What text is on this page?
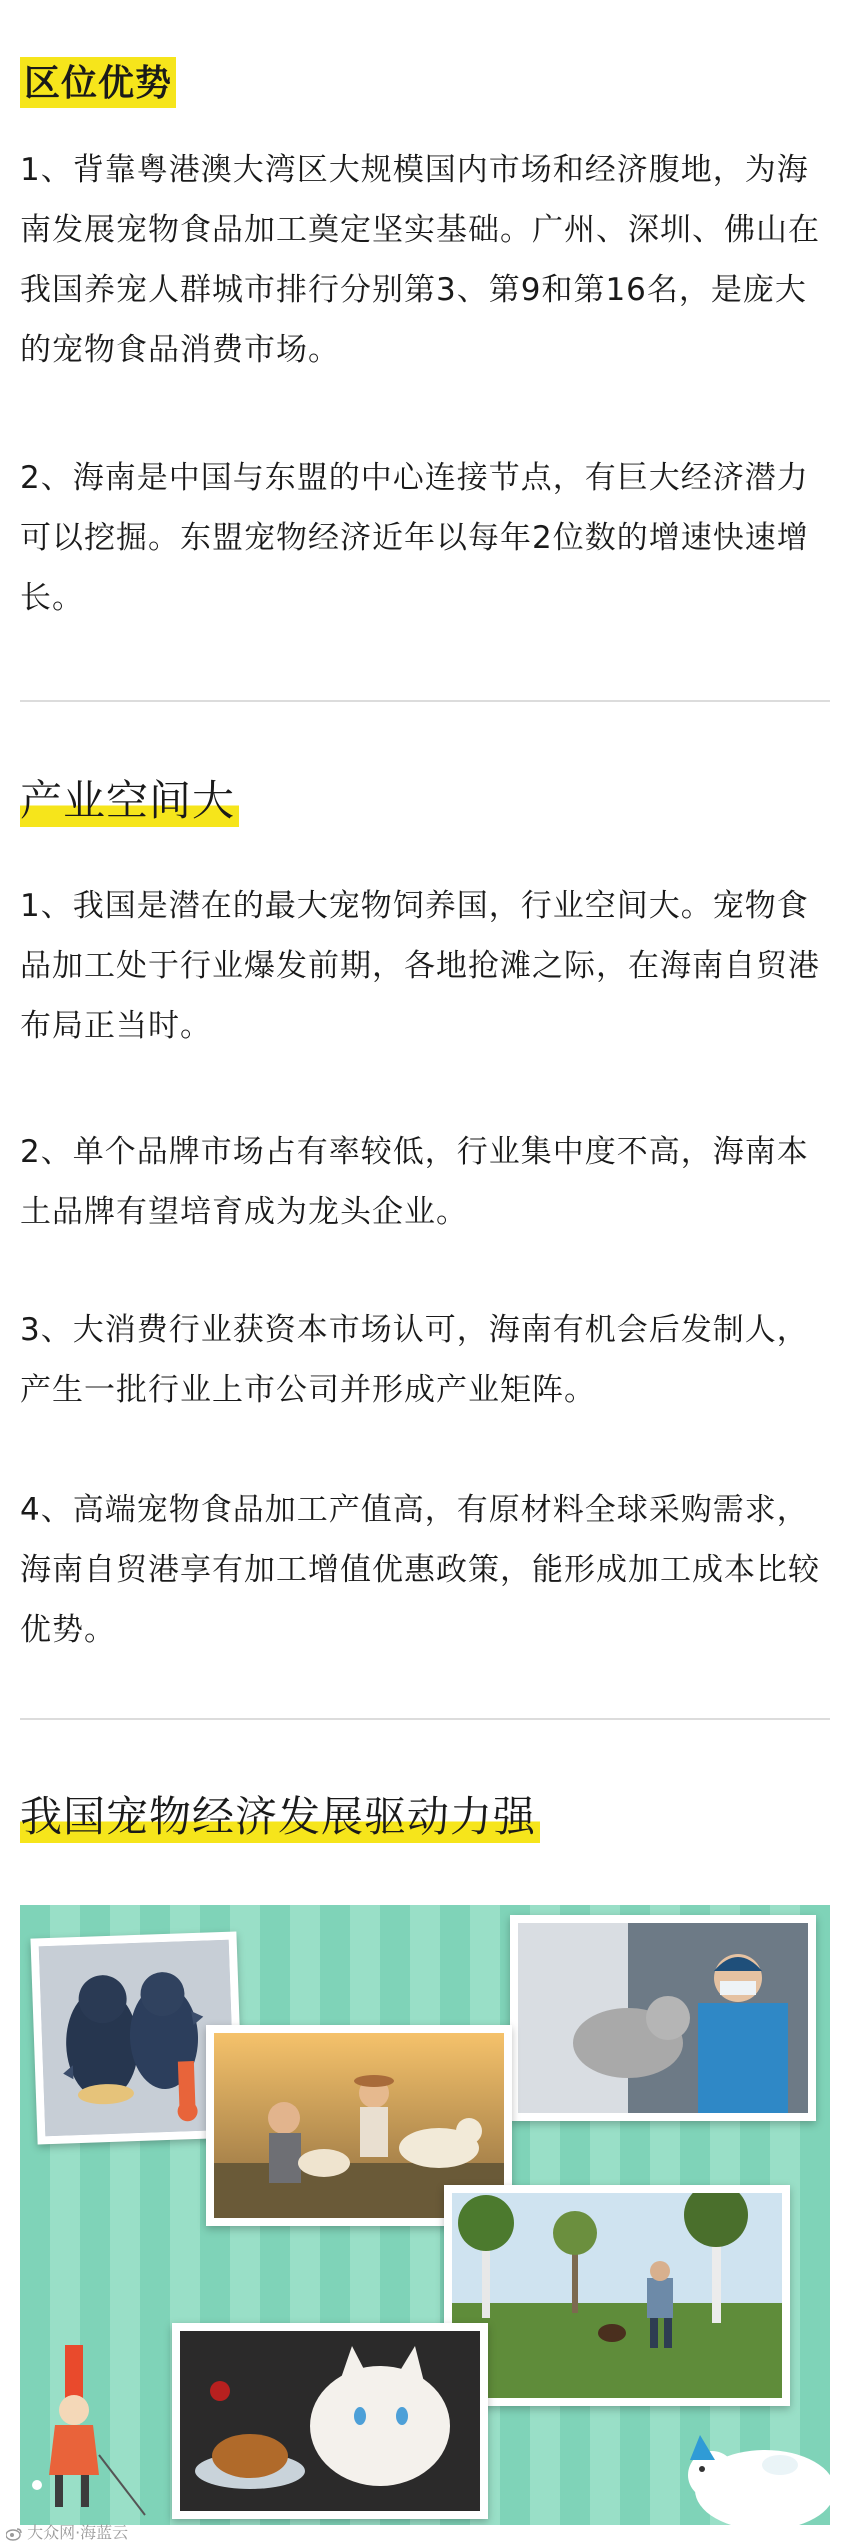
区位优势

1、背靠粤港澳大湾区大规模国内市场和经济腹地，为海南发展宠物食品加工奠定坚实基础。广州、深圳、佛山在我国养宠人群城市排行分别第3、第9和第16名，是庞大的宠物食品消费市场。

2、海南是中国与东盟的中心连接节点，有巨大经济潜力可以挖掘。东盟宠物经济近年以每年2位数的增速快速增长。

产业空间大

1、我国是潜在的最大宠物饲养国，行业空间大。宠物食品加工处于行业爆发前期，各地抢滩之际，在海南自贸港布局正当时。

2、单个品牌市场占有率较低，行业集中度不高，海南本土品牌有望培育成为龙头企业。

3、大消费行业获资本市场认可，海南有机会后发制人，产生一批行业上市公司并形成产业矩阵。

4、高端宠物食品加工产值高，有原材料全球采购需求，海南自贸港享有加工增值优惠政策，能形成加工成本比较优势。

我国宠物经济发展驱动力强
大众网·海蓝云
